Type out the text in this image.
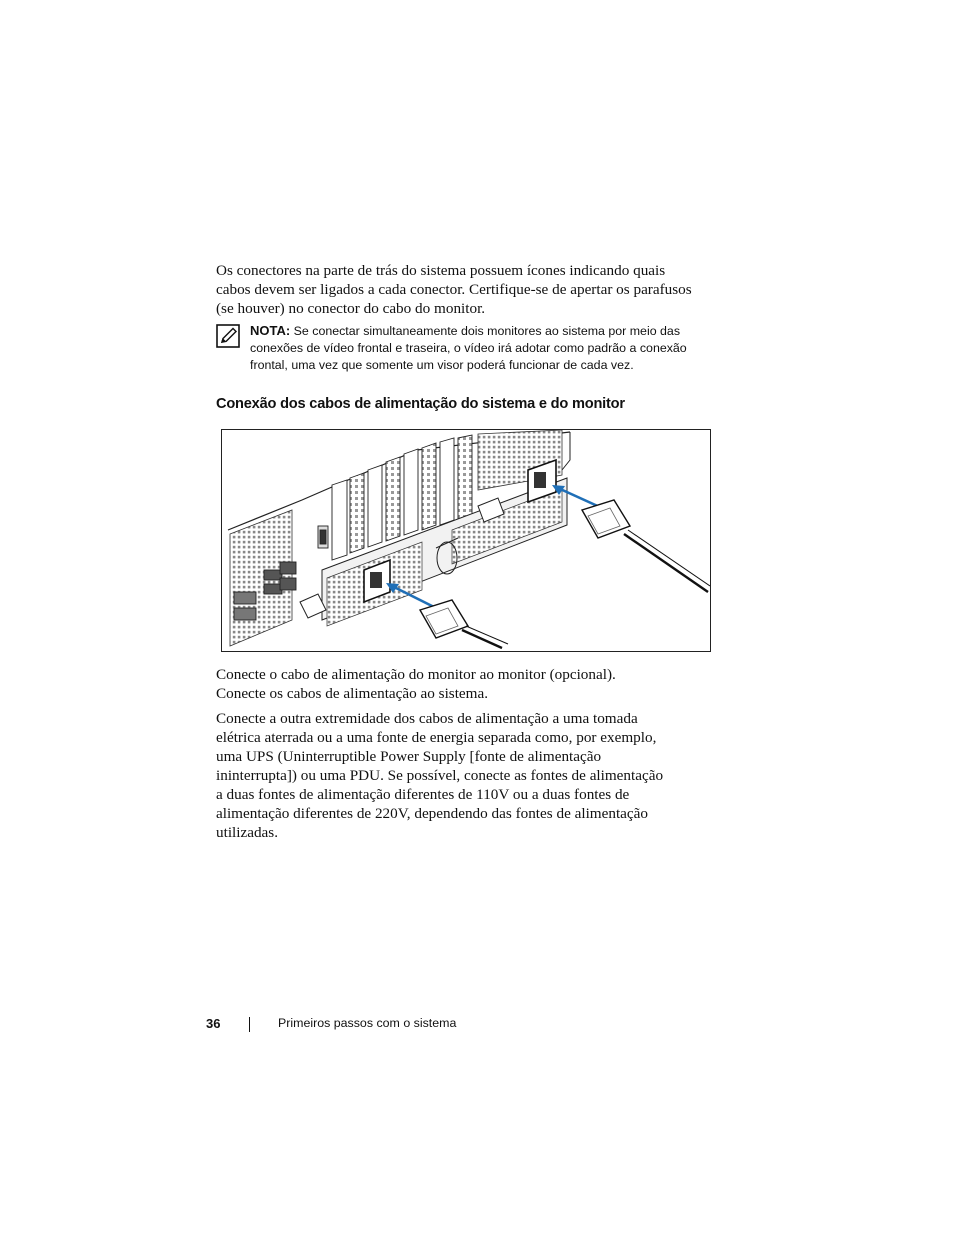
Os conectores na parte de trás do sistema possuem ícones indicando quais
cabos devem ser ligados a cada conector. Certifique-se de apertar os parafusos
(se houver) no conector do cabo do monitor.

NOTA: Se conectar simultaneamente dois monitores ao sistema por meio das
conexões de vídeo frontal e traseira, o vídeo irá adotar como padrão a conexão
frontal, uma vez que somente um visor poderá funcionar de cada vez.
Conexão dos cabos de alimentação do sistema e do monitor

Conecte o cabo de alimentação do monitor ao monitor (opcional).
Conecte os cabos de alimentação ao sistema.

Conecte a outra extremidade dos cabos de alimentação a uma tomada
elétrica aterrada ou a uma fonte de energia separada como, por exemplo,
uma UPS (Uninterruptible Power Supply [fonte de alimentação
ininterrupta]) ou uma PDU. Se possível, conecte as fontes de alimentação
a duas fontes de alimentação diferentes de 110V ou a duas fontes de
alimentação diferentes de 220V, dependendo das fontes de alimentação
utilizadas.

36	Primeiros passos com o sistema
